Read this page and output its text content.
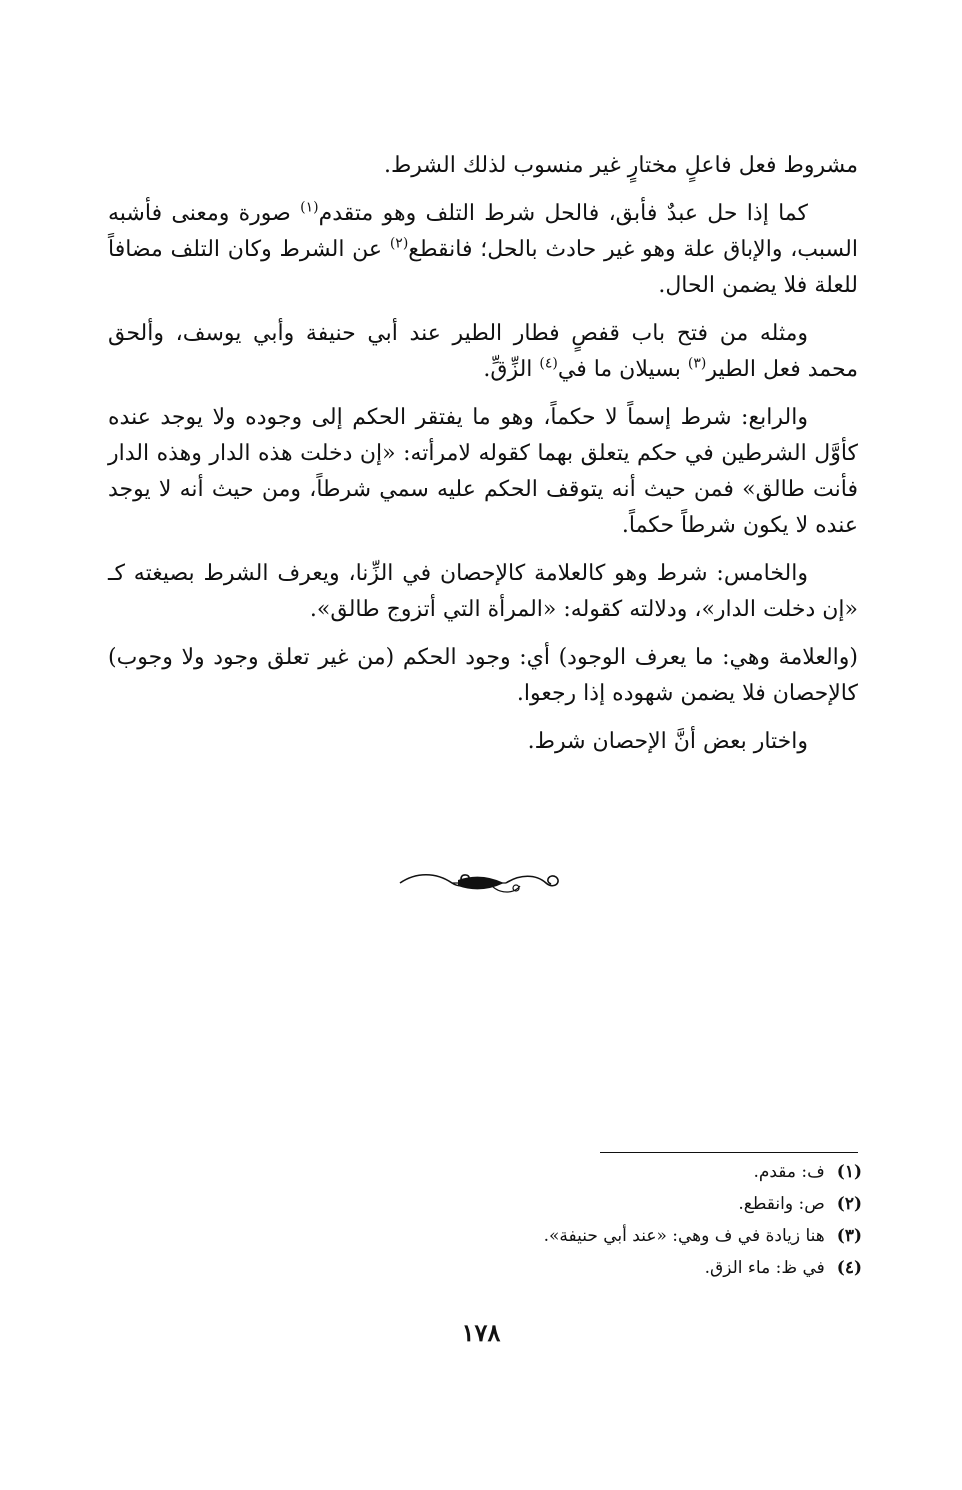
مشروط فعل فاعلٍ مختارٍ غير منسوب لذلك الشرط.

كما إذا حل عبدٌ فأبق، فالحل شرط التلف وهو متقدم$^{(١)}$ صورة ومعنى فأشبه السبب، والإباق علة وهو غير حادث بالحل؛ فانقطع$^{(٢)}$ عن الشرط وكان التلف مضافاً للعلة فلا يضمن الحال.

ومثله من فتح باب قفصٍ فطار الطير عند أبي حنيفة وأبي يوسف، وألحق محمد فعل الطير$^{(٣)}$ بسيلان ما في$^{(٤)}$ الزِّقِّ.

والرابع: شرط إسماً لا حكماً، وهو ما يفتقر الحكم إلى وجوده ولا يوجد عنده كأوَّل الشرطين في حكم يتعلق بهما كقوله لامرأته: «إن دخلت هذه الدار وهذه الدار فأنت طالق» فمن حيث أنه يتوقف الحكم عليه سمي شرطاً، ومن حيث أنه لا يوجد عنده لا يكون شرطاً حكماً.

والخامس: شرط وهو كالعلامة كالإحصان في الزِّنا، ويعرف الشرط بصيغته كـ «إن دخلت الدار»، ودلالته كقوله: «المرأة التي أتزوج طالق».

(والعلامة وهي: ما يعرف الوجود) أي: وجود الحكم (من غير تعلق وجود ولا وجوب) كالإحصان فلا يضمن شهوده إذا رجعوا.

واختار بعض أنَّ الإحصان شرط.

(١)ف: مقدم.
(٢)ص: وانقطع.
(٣)هنا زيادة في ف وهي: «عند أبي حنيفة».
(٤)في ظ: ماء الزق.
١٧٨
